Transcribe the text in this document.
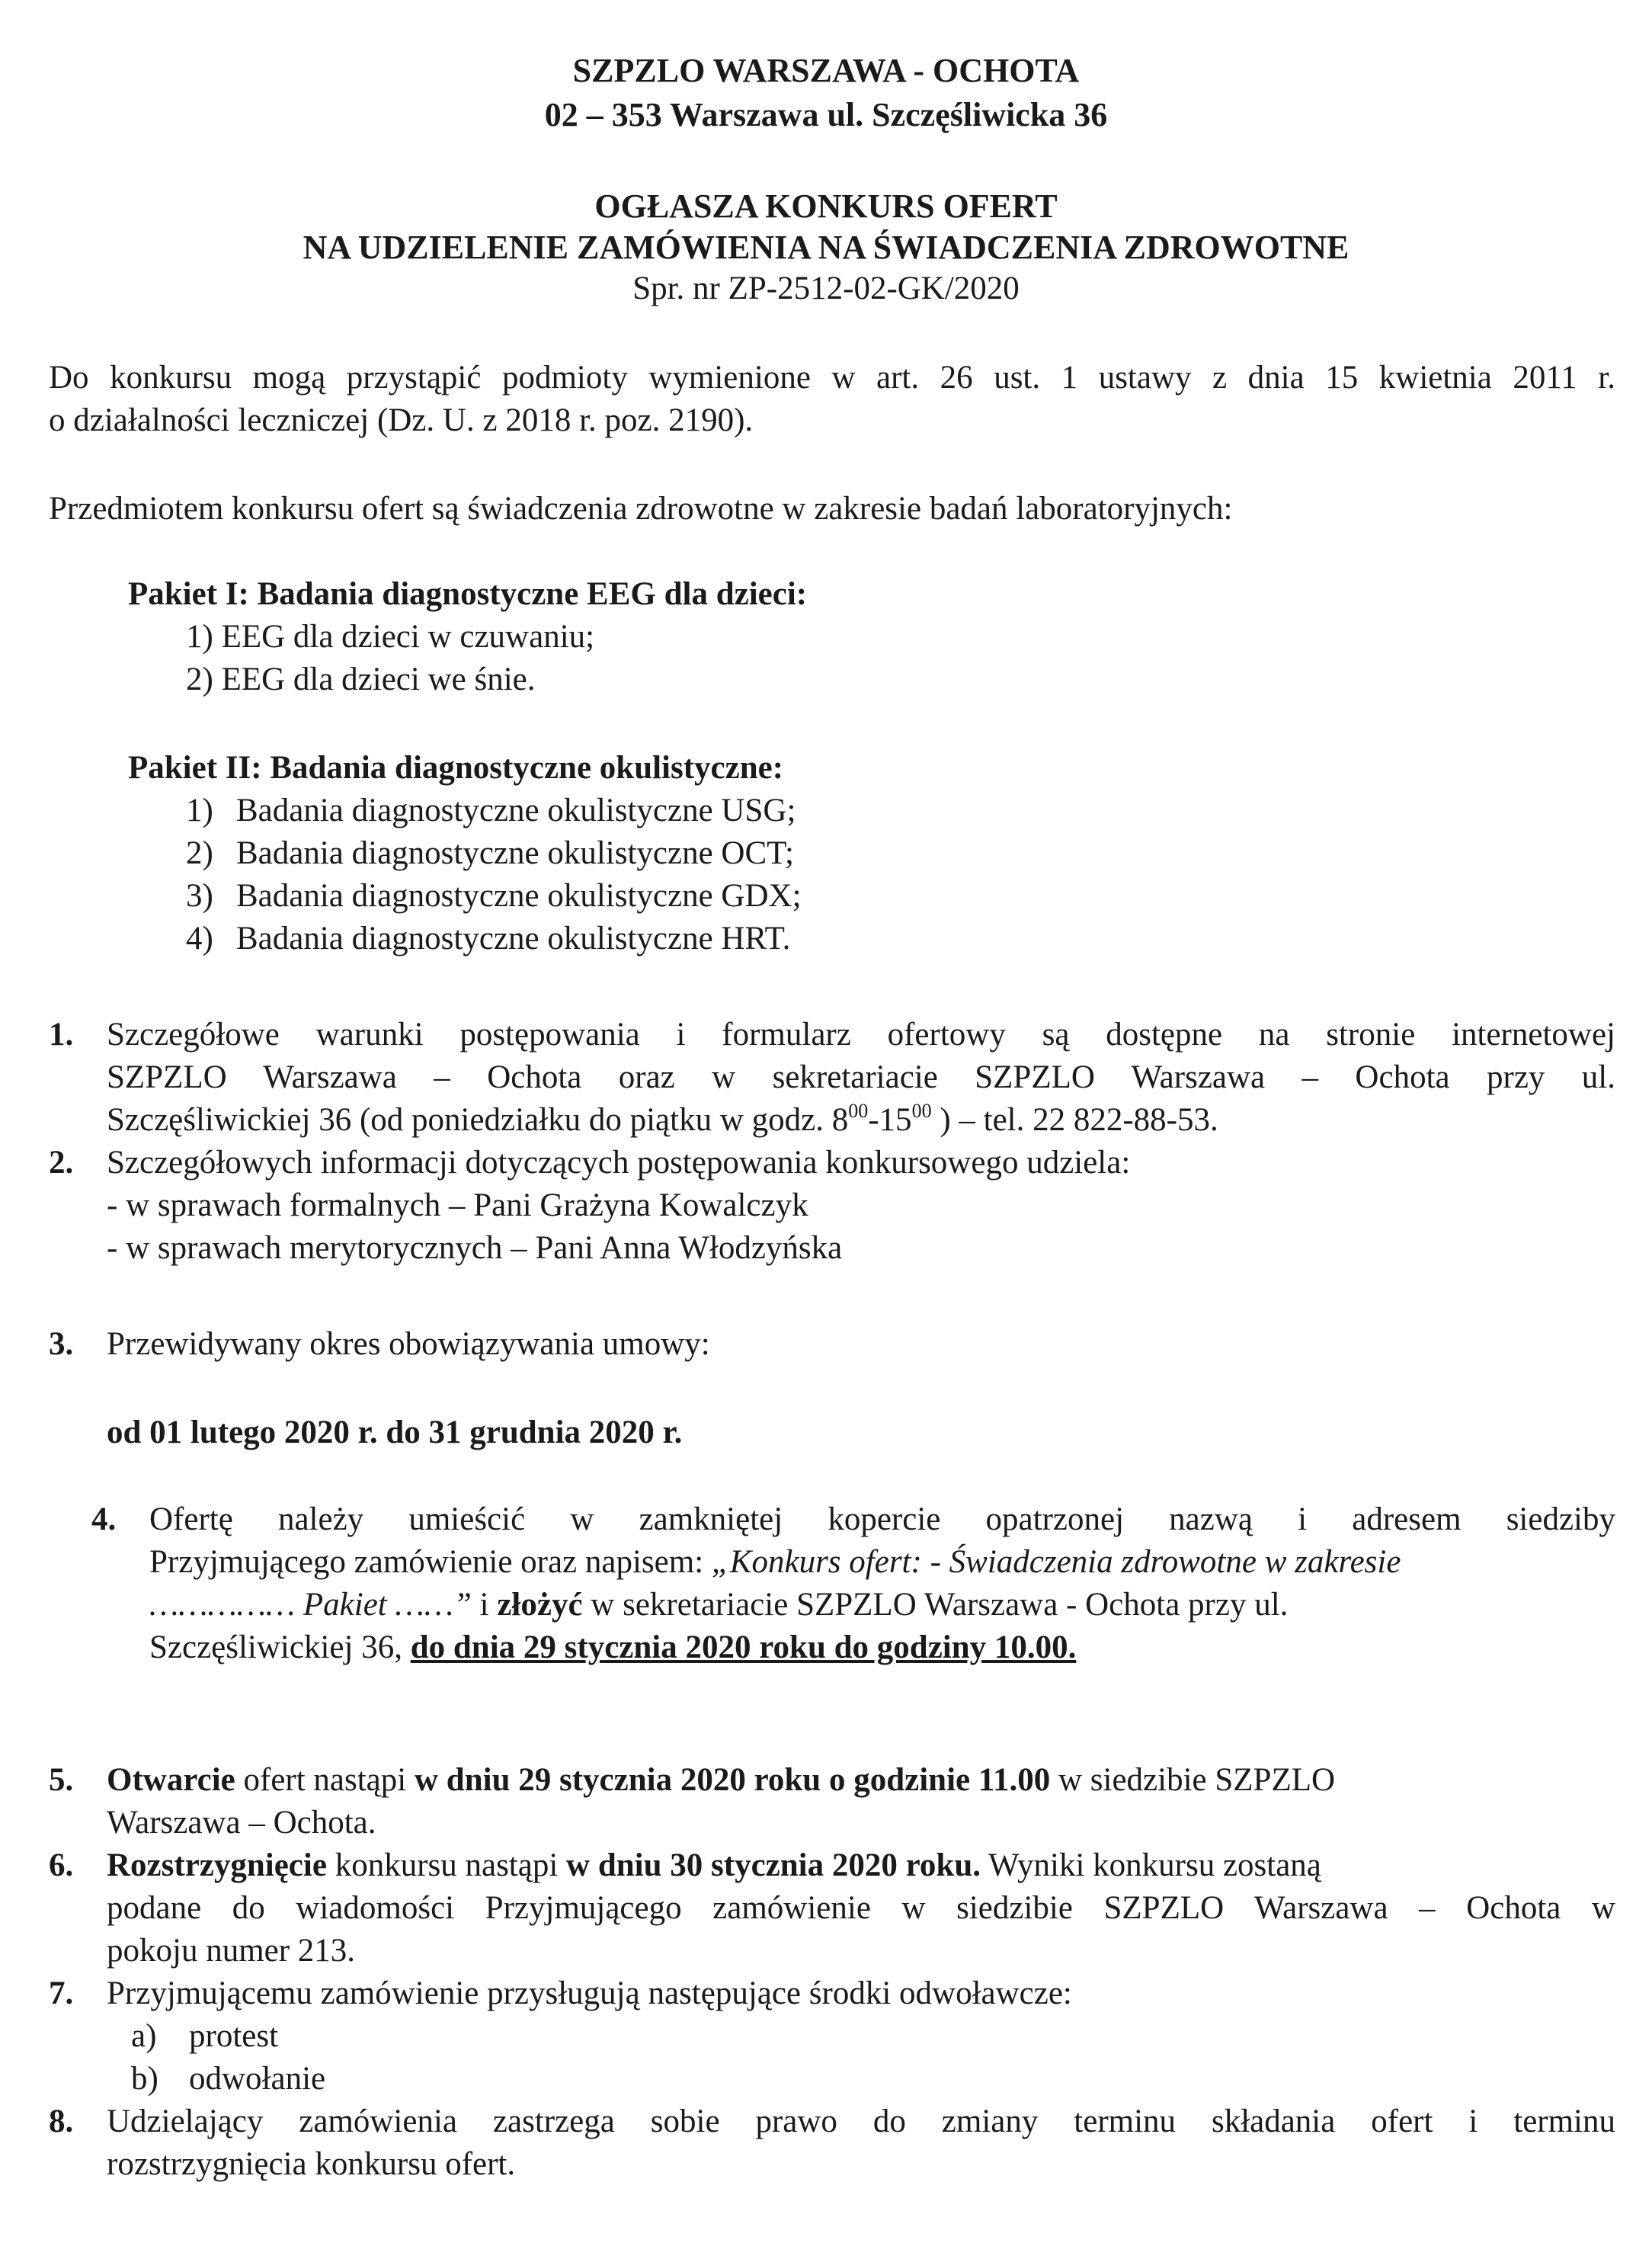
SZPZLO WARSZAWA - OCHOTA
02 – 353 Warszawa ul. Szczęśliwicka 36
OGŁASZA KONKURS OFERT
NA UDZIELENIE ZAMÓWIENIA NA ŚWIADCZENIA ZDROWOTNE
Spr. nr ZP-2512-02-GK/2020
Do konkursu mogą przystąpić podmioty wymienione w art. 26 ust. 1 ustawy z dnia 15 kwietnia 2011 r.
o działalności leczniczej (Dz. U. z 2018 r. poz. 2190).
Przedmiotem konkursu ofert są świadczenia zdrowotne w zakresie badań laboratoryjnych:
Pakiet I: Badania diagnostyczne EEG dla dzieci:
1) EEG dla dzieci w czuwaniu;
2) EEG dla dzieci we śnie.
Pakiet II: Badania diagnostyczne okulistyczne:
1) Badania diagnostyczne okulistyczne USG;
2) Badania diagnostyczne okulistyczne OCT;
3) Badania diagnostyczne okulistyczne GDX;
4) Badania diagnostyczne okulistyczne HRT.
1. Szczegółowe warunki postępowania i formularz ofertowy są dostępne na stronie internetowej
SZPZLO Warszawa – Ochota oraz w sekretariacie SZPZLO Warszawa – Ochota przy ul.
Szczęśliwickiej 36 (od poniedziałku do piątku w godz. $8^{00}-15^{00}$ ) – tel. 22 822-88-53.
2. Szczegółowych informacji dotyczących postępowania konkursowego udziela:
- w sprawach formalnych – Pani Grażyna Kowalczyk
- w sprawach merytorycznych – Pani Anna Włodzyńska
3. Przewidywany okres obowiązywania umowy:
od 01 lutego 2020 r. do 31 grudnia 2020 r.
4. Ofertę należy umieścić w zamkniętej kopercie opatrzonej nazwą i adresem siedziby
Przyjmującego zamówienie oraz napisem: „Konkurs ofert: - Świadczenia zdrowotne w zakresie
…………… Pakiet ……” i złożyć w sekretariacie SZPZLO Warszawa - Ochota przy ul.
Szczęśliwickiej 36, do dnia 29 stycznia 2020 roku do godziny 10.00.
5. Otwarcie ofert nastąpi w dniu 29 stycznia 2020 roku o godzinie 11.00 w siedzibie SZPZLO
Warszawa – Ochota.
6. Rozstrzygnięcie konkursu nastąpi w dniu 30 stycznia 2020 roku. Wyniki konkursu zostaną
podane do wiadomości Przyjmującego zamówienie w siedzibie SZPZLO Warszawa – Ochota w
pokoju numer 213.
7. Przyjmującemu zamówienie przysługują następujące środki odwoławcze:
a) protest
b) odwołanie
8. Udzielający zamówienia zastrzega sobie prawo do zmiany terminu składania ofert i terminu
rozstrzygnięcia konkursu ofert.
